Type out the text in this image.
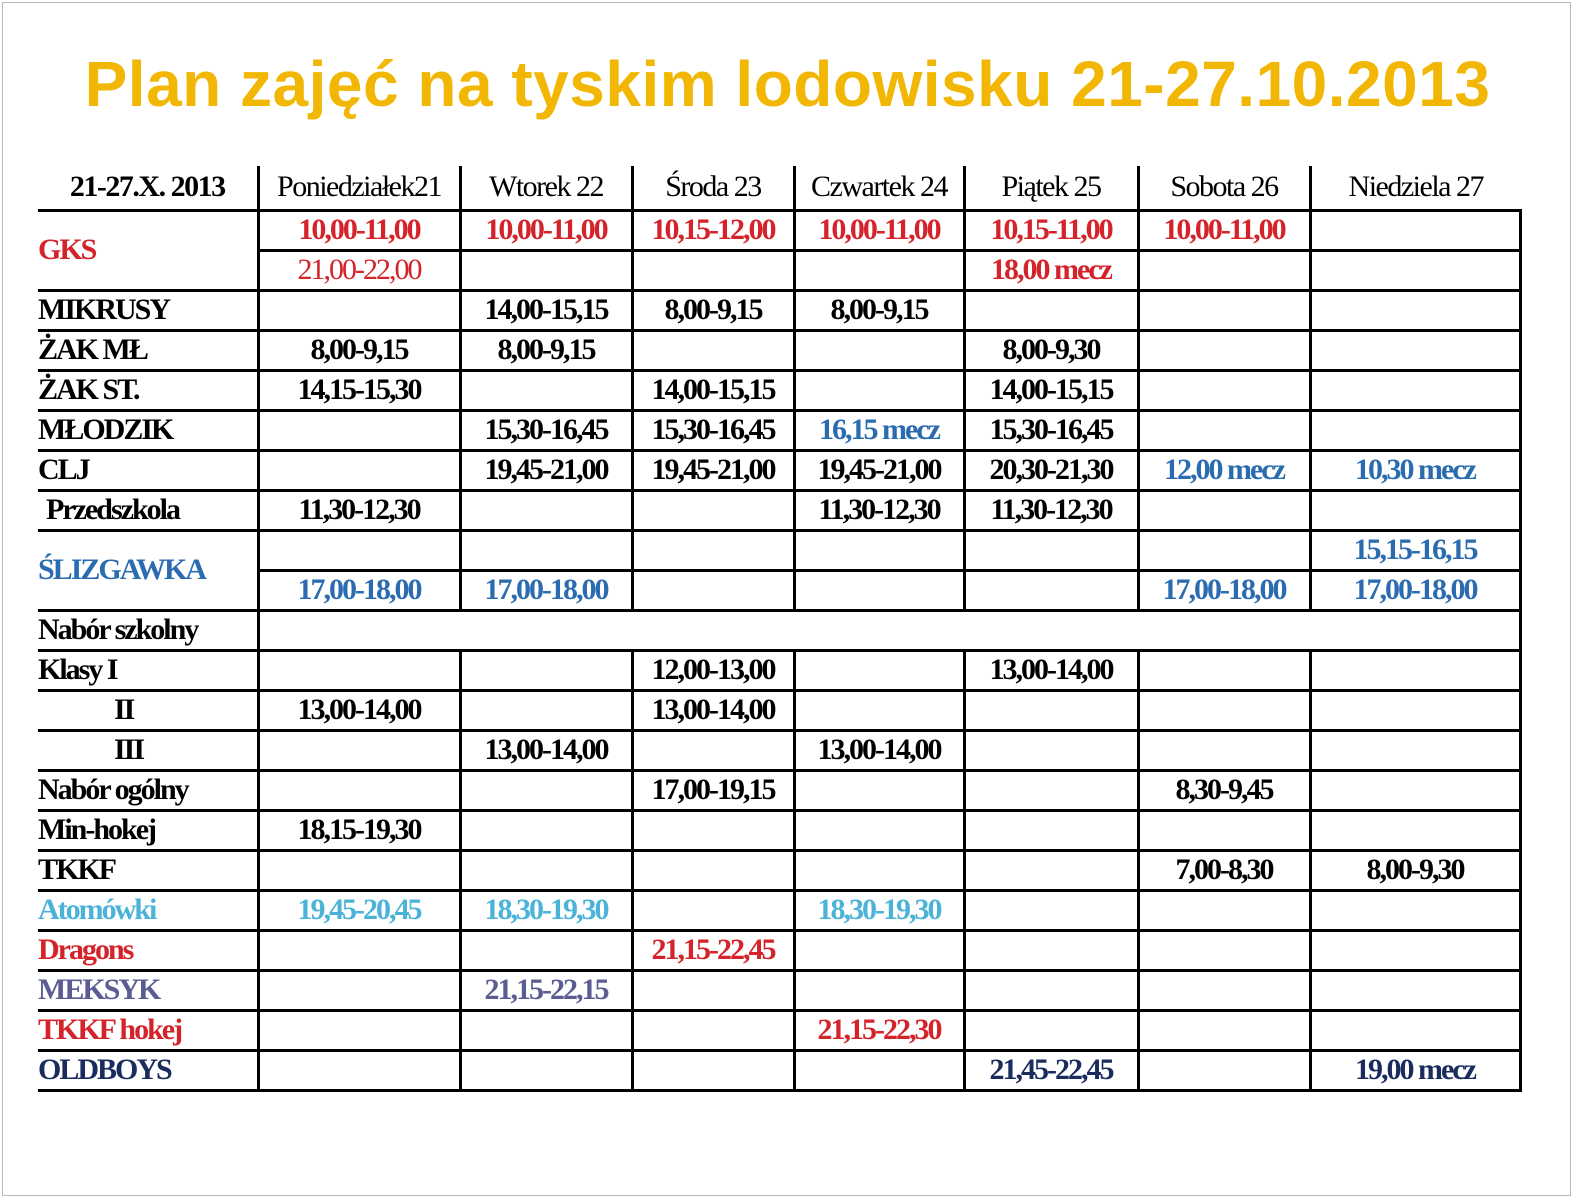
Plan zajęć na tyskim lodowisku 21-27.10.2013
21-27.X. 2013	Poniedziałek21	Wtorek 22	Środa 23	Czwartek 24	Piątek 25	Sobota 26	Niedziela 27
GKS	10,00-11,00	10,00-11,00	10,15-12,00	10,00-11,00	10,15-11,00	10,00-11,00	
	21,00-22,00				18,00 mecz		
MIKRUSY		14,00-15,15	8,00-9,15	8,00-9,15			
ŻAK MŁ	8,00-9,15	8,00-9,15			8,00-9,30		
ŻAK ST.	14,15-15,30		14,00-15,15		14,00-15,15		
MŁODZIK		15,30-16,45	15,30-16,45	16,15 mecz	15,30-16,45		
CLJ		19,45-21,00	19,45-21,00	19,45-21,00	20,30-21,30	12,00 mecz	10,30 mecz
Przedszkola	11,30-12,30			11,30-12,30	11,30-12,30		
ŚLIZGAWKA							15,15-16,15
	17,00-18,00	17,00-18,00				17,00-18,00	17,00-18,00
Nabór szkolny							
Klasy I			12,00-13,00		13,00-14,00		
II	13,00-14,00		13,00-14,00				
III		13,00-14,00		13,00-14,00			
Nabór ogólny			17,00-19,15			8,30-9,45	
Min-hokej	18,15-19,30						
TKKF						7,00-8,30	8,00-9,30
Atomówki	19,45-20,45	18,30-19,30		18,30-19,30			
Dragons			21,15-22,45				
MEKSYK		21,15-22,15					
TKKF hokej				21,15-22,30			
OLDBOYS					21,45-22,45		19,00 mecz
